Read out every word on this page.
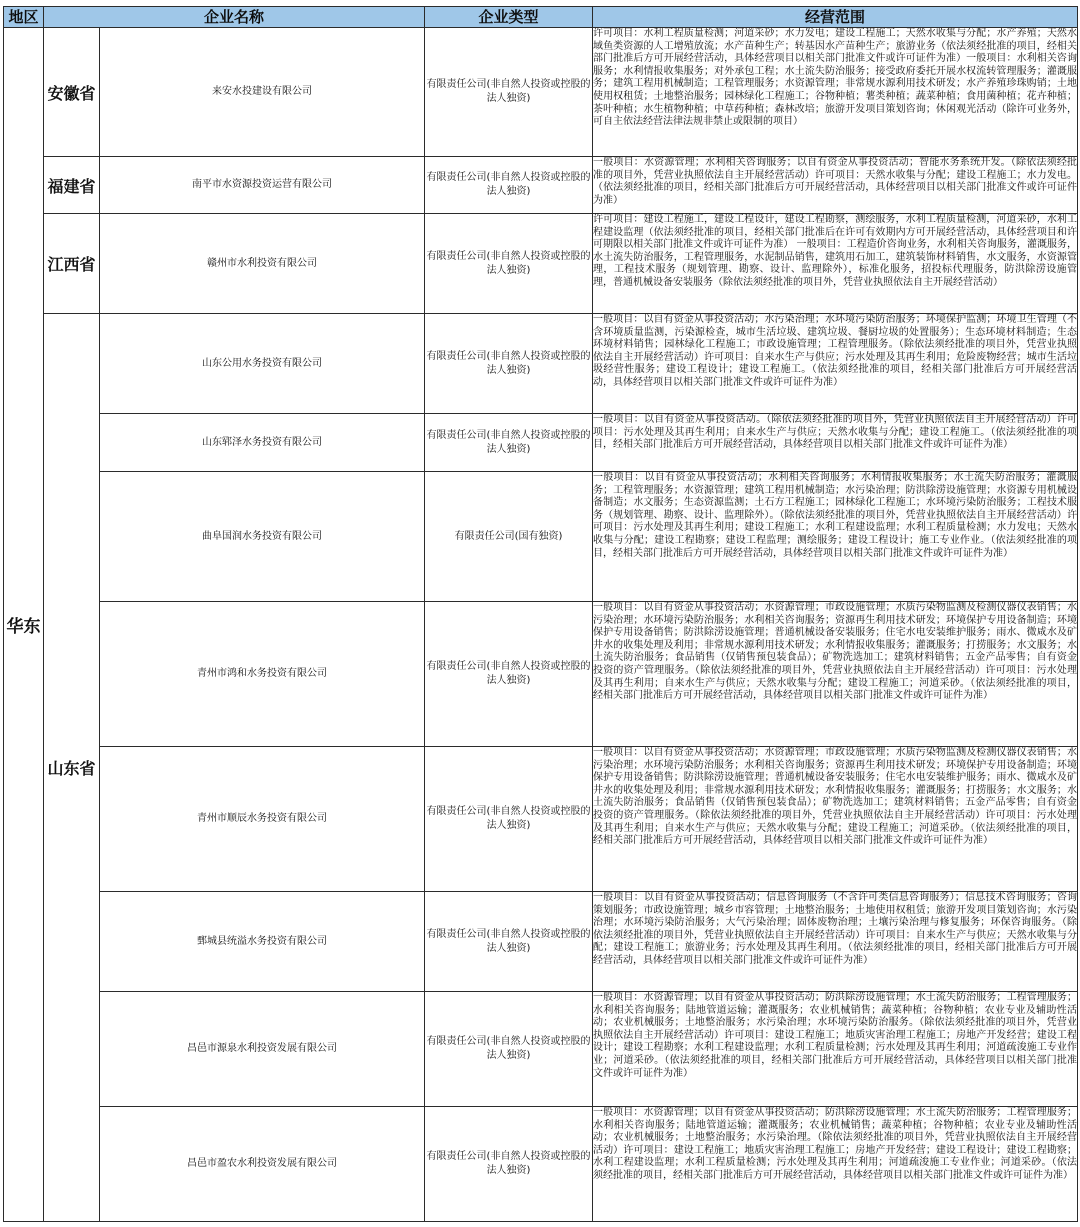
地区	企业名称		企业类型	经营范围
华东	安徽省	来安水投建设有限公司	有限责任公司(非自然人投资或控股的法人独资)	许可项目：水利工程质量检测；河道采砂；水力发电；建设工程施工；天然水收集与分配；水产养殖；天然水域鱼类资源的人工增殖放流；水产苗种生产；转基因水产苗种生产；旅游业务（依法须经批准的项目，经相关部门批准后方可开展经营活动，具体经营项目以相关部门批准文件或许可证件为准）一般项目：水利相关咨询服务；水利情报收集服务；对外承包工程；水土流失防治服务；接受政府委托开展水权流转管理服务；灌溉服务；建筑工程用机械制造；工程管理服务；水资源管理；非常规水源利用技术研发；水产养殖珍珠购销；土地使用权租赁；土地整治服务；园林绿化工程施工；谷物种植；薯类种植；蔬菜种植；食用菌种植；花卉种植；茶叶种植；水生植物种植；中草药种植；森林改培；旅游开发项目策划咨询；休闲观光活动（除许可业务外，可自主依法经营法律法规非禁止或限制的项目）
	福建省	南平市水资源投资运营有限公司	有限责任公司(非自然人投资或控股的法人独资)	一般项目：水资源管理；水利相关咨询服务；以自有资金从事投资活动；智能水务系统开发。（除依法须经批准的项目外，凭营业执照依法自主开展经营活动）许可项目：天然水收集与分配；建设工程施工；水力发电。（依法须经批准的项目，经相关部门批准后方可开展经营活动，具体经营项目以相关部门批准文件或许可证件为准）
	江西省	赣州市水利投资有限公司	有限责任公司(非自然人投资或控股的法人独资)	许可项目：建设工程施工，建设工程设计，建设工程勘察，测绘服务，水利工程质量检测，河道采砂，水利工程建设监理（依法须经批准的项目，经相关部门批准后在许可有效期内方可开展经营活动，具体经营项目和许可期限以相关部门批准文件或许可证件为准） 一般项目：工程造价咨询业务，水利相关咨询服务，灌溉服务，水土流失防治服务，工程管理服务，水泥制品销售，建筑用石加工，建筑装饰材料销售，水文服务，水资源管理，工程技术服务（规划管理、勘察、设计、监理除外），标准化服务，招投标代理服务，防洪除涝设施管理，普通机械设备安装服务（除依法须经批准的项目外，凭营业执照依法自主开展经营活动）
	山东省	山东公用水务投资有限公司	有限责任公司(非自然人投资或控股的法人独资)	一般项目：以自有资金从事投资活动；水污染治理；水环境污染防治服务；环境保护监测；环境卫生管理（不含环境质量监测，污染源检查，城市生活垃圾、建筑垃圾、餐厨垃圾的处置服务）；生态环境材料制造；生态环境材料销售；园林绿化工程施工；市政设施管理；工程管理服务。（除依法须经批准的项目外，凭营业执照依法自主开展经营活动）许可项目：自来水生产与供应；污水处理及其再生利用；危险废物经营；城市生活垃圾经营性服务；建设工程设计；建设工程施工。（依法须经批准的项目，经相关部门批准后方可开展经营活动，具体经营项目以相关部门批准文件或许可证件为准）
		山东郓泽水务投资有限公司	有限责任公司(非自然人投资或控股的法人独资)	一般项目：以自有资金从事投资活动。（除依法须经批准的项目外，凭营业执照依法自主开展经营活动）许可项目：污水处理及其再生利用；自来水生产与供应；天然水收集与分配；建设工程施工。（依法须经批准的项目，经相关部门批准后方可开展经营活动，具体经营项目以相关部门批准文件或许可证件为准）
		曲阜国润水务投资有限公司	有限责任公司(国有独资)	一般项目：以自有资金从事投资活动；水利相关咨询服务；水利情报收集服务；水土流失防治服务；灌溉服务；工程管理服务；水资源管理；建筑工程用机械制造；水污染治理；防洪除涝设施管理；水资源专用机械设备制造；水文服务；生态资源监测；土石方工程施工；园林绿化工程施工；水环境污染防治服务；工程技术服务（规划管理、勘察、设计、监理除外）。（除依法须经批准的项目外，凭营业执照依法自主开展经营活动）许可项目：污水处理及其再生利用；建设工程施工；水利工程建设监理；水利工程质量检测；水力发电；天然水收集与分配；建设工程勘察；建设工程监理；测绘服务；建设工程设计；施工专业作业。（依法须经批准的项目，经相关部门批准后方可开展经营活动，具体经营项目以相关部门批准文件或许可证件为准）
		青州市鸿和水务投资有限公司	有限责任公司(非自然人投资或控股的法人独资)	一般项目：以自有资金从事投资活动；水资源管理；市政设施管理；水质污染物监测及检测仪器仪表销售；水污染治理；水环境污染防治服务；水利相关咨询服务；资源再生利用技术研发；环境保护专用设备制造；环境保护专用设备销售；防洪除涝设施管理；普通机械设备安装服务；住宅水电安装维护服务；雨水、微咸水及矿井水的收集处理及利用；非常规水源利用技术研发；水利情报收集服务；灌溉服务；打捞服务；水文服务；水土流失防治服务；食品销售（仅销售预包装食品）；矿物洗选加工；建筑材料销售；五金产品零售；自有资金投资的资产管理服务。（除依法须经批准的项目外，凭营业执照依法自主开展经营活动）许可项目：污水处理及其再生利用；自来水生产与供应；天然水收集与分配；建设工程施工；河道采砂。（依法须经批准的项目，经相关部门批准后方可开展经营活动，具体经营项目以相关部门批准文件或许可证件为准）
		青州市顺辰水务投资有限公司	有限责任公司(非自然人投资或控股的法人独资)	一般项目：以自有资金从事投资活动；水资源管理；市政设施管理；水质污染物监测及检测仪器仪表销售；水污染治理；水环境污染防治服务；水利相关咨询服务；资源再生利用技术研发；环境保护专用设备制造；环境保护专用设备销售；防洪除涝设施管理；普通机械设备安装服务；住宅水电安装维护服务；雨水、微咸水及矿井水的收集处理及利用；非常规水源利用技术研发；水利情报收集服务；灌溉服务；打捞服务；水文服务；水土流失防治服务；食品销售（仅销售预包装食品）；矿物洗选加工；建筑材料销售；五金产品零售；自有资金投资的资产管理服务。（除依法须经批准的项目外，凭营业执照依法自主开展经营活动）许可项目：污水处理及其再生利用；自来水生产与供应；天然水收集与分配；建设工程施工；河道采砂。（依法须经批准的项目，经相关部门批准后方可开展经营活动，具体经营项目以相关部门批准文件或许可证件为准）
		鄄城县统溢水务投资有限公司	有限责任公司(非自然人投资或控股的法人独资)	一般项目：以自有资金从事投资活动；信息咨询服务（不含许可类信息咨询服务）；信息技术咨询服务；咨询策划服务；市政设施管理；城乡市容管理；土地整治服务；土地使用权租赁；旅游开发项目策划咨询；水污染治理；水环境污染防治服务；大气污染治理；固体废物治理；土壤污染治理与修复服务；环保咨询服务。（除依法须经批准的项目外，凭营业执照依法自主开展经营活动）许可项目：自来水生产与供应；天然水收集与分配；建设工程施工；旅游业务；污水处理及其再生利用。（依法须经批准的项目，经相关部门批准后方可开展经营活动，具体经营项目以相关部门批准文件或许可证件为准）
		昌邑市源泉水利投资发展有限公司	有限责任公司(非自然人投资或控股的法人独资)	一般项目：水资源管理；以自有资金从事投资活动；防洪除涝设施管理；水土流失防治服务；工程管理服务；水利相关咨询服务；陆地管道运输；灌溉服务；农业机械销售；蔬菜种植；谷物种植；农业专业及辅助性活动；农业机械服务；土地整治服务；水污染治理；水环境污染防治服务。（除依法须经批准的项目外，凭营业执照依法自主开展经营活动）许可项目：建设工程施工；地质灾害治理工程施工；房地产开发经营；建设工程设计；建设工程勘察；水利工程建设监理；水利工程质量检测；污水处理及其再生利用；河道疏浚施工专业作业；河道采砂。（依法须经批准的项目，经相关部门批准后方可开展经营活动，具体经营项目以相关部门批准文件或许可证件为准）
		昌邑市盈农水利投资发展有限公司	有限责任公司(非自然人投资或控股的法人独资)	一般项目：水资源管理；以自有资金从事投资活动；防洪除涝设施管理；水土流失防治服务；工程管理服务；水利相关咨询服务；陆地管道运输；灌溉服务；农业机械销售；蔬菜种植；谷物种植；农业专业及辅助性活动；农业机械服务；土地整治服务；水污染治理。（除依法须经批准的项目外，凭营业执照依法自主开展经营活动）许可项目：建设工程施工；地质灾害治理工程施工；房地产开发经营；建设工程设计；建设工程勘察；水利工程建设监理；水利工程质量检测；污水处理及其再生利用；河道疏浚施工专业作业；河道采砂。（依法须经批准的项目，经相关部门批准后方可开展经营活动，具体经营项目以相关部门批准文件或许可证件为准）
